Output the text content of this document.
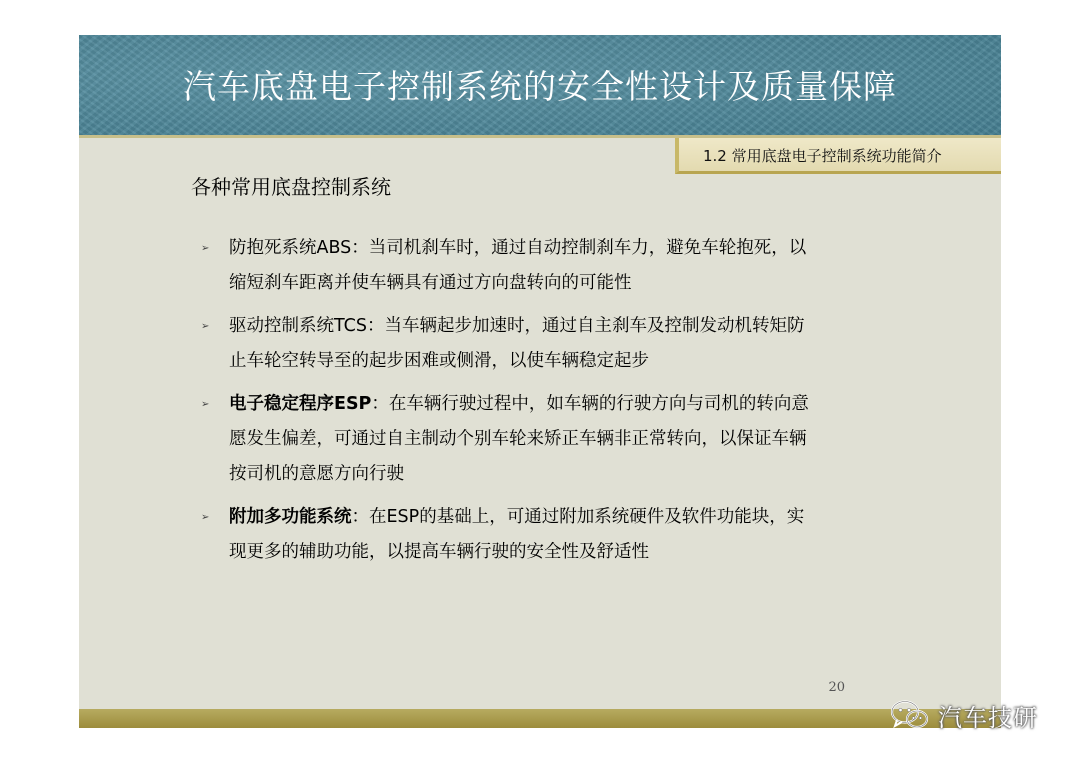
汽车底盘电子控制系统的安全性设计及质量保障
1.2 常用底盘电子控制系统功能简介
各种常用底盘控制系统
➢ 防抱死系统ABS：当司机刹车时，通过自动控制刹车力，避免车轮抱死，以
缩短刹车距离并使车辆具有通过方向盘转向的可能性
➢ 驱动控制系统TCS：当车辆起步加速时，通过自主刹车及控制发动机转矩防
止车轮空转导至的起步困难或侧滑，以使车辆稳定起步
➢ 电子稳定程序ESP：在车辆行驶过程中，如车辆的行驶方向与司机的转向意
愿发生偏差，可通过自主制动个别车轮来矫正车辆非正常转向，以保证车辆
按司机的意愿方向行驶
➢ 附加多功能系统：在ESP的基础上，可通过附加系统硬件及软件功能块，实
现更多的辅助功能，以提高车辆行驶的安全性及舒适性
20
汽车技研
